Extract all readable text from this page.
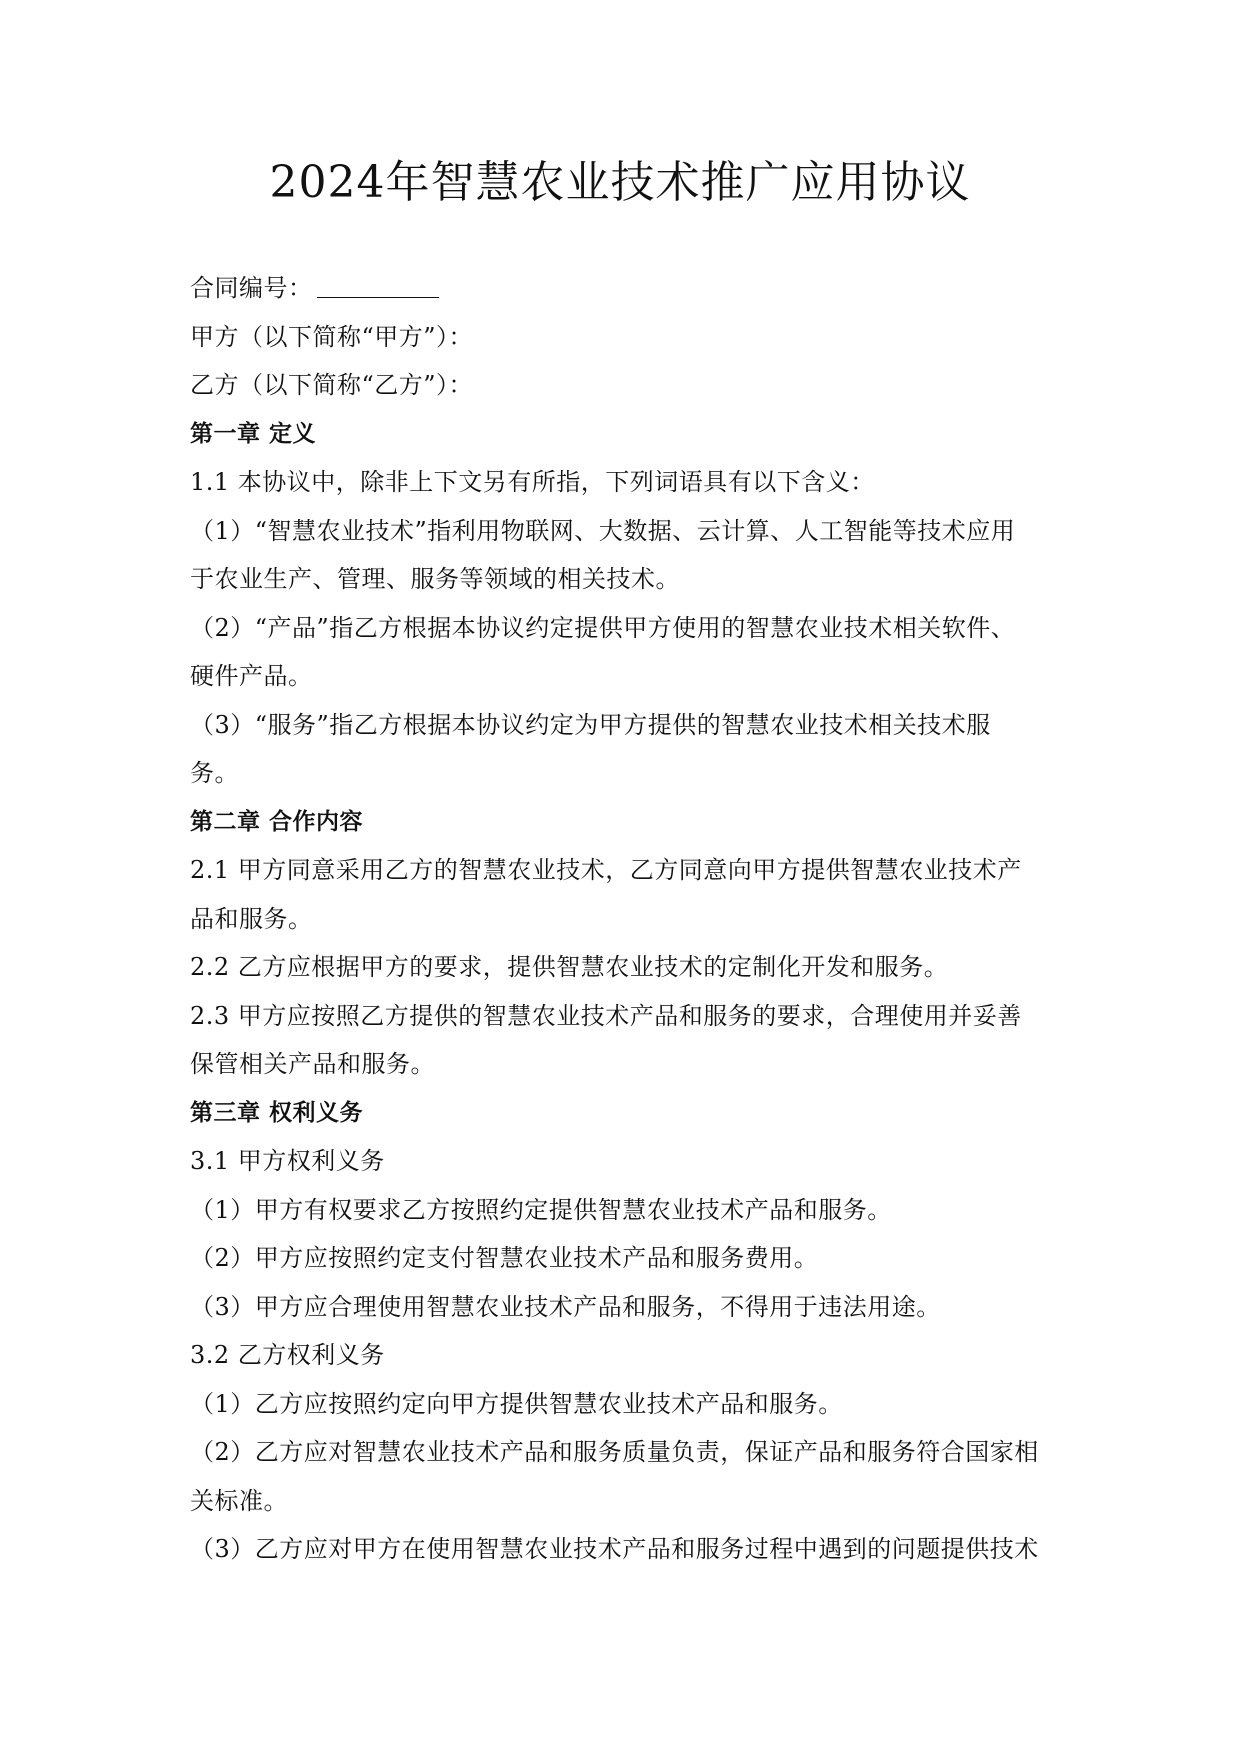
2024年智慧农业技术推广应用协议

合同编号：

甲方（以下简称“甲方”）：

乙方（以下简称“乙方”）：

第一章 定义

1.1 本协议中，除非上下文另有所指，下列词语具有以下含义：

（1）“智慧农业技术”指利用物联网、大数据、云计算、人工智能等技术应用

于农业生产、管理、服务等领域的相关技术。

（2）“产品”指乙方根据本协议约定提供甲方使用的智慧农业技术相关软件、

硬件产品。

（3）“服务”指乙方根据本协议约定为甲方提供的智慧农业技术相关技术服

务。

第二章 合作内容

2.1 甲方同意采用乙方的智慧农业技术，乙方同意向甲方提供智慧农业技术产

品和服务。

2.2 乙方应根据甲方的要求，提供智慧农业技术的定制化开发和服务。

2.3 甲方应按照乙方提供的智慧农业技术产品和服务的要求，合理使用并妥善

保管相关产品和服务。

第三章 权利义务

3.1 甲方权利义务

（1）甲方有权要求乙方按照约定提供智慧农业技术产品和服务。

（2）甲方应按照约定支付智慧农业技术产品和服务费用。

（3）甲方应合理使用智慧农业技术产品和服务，不得用于违法用途。

3.2 乙方权利义务

（1）乙方应按照约定向甲方提供智慧农业技术产品和服务。

（2）乙方应对智慧农业技术产品和服务质量负责，保证产品和服务符合国家相

关标准。

（3）乙方应对甲方在使用智慧农业技术产品和服务过程中遇到的问题提供技术
